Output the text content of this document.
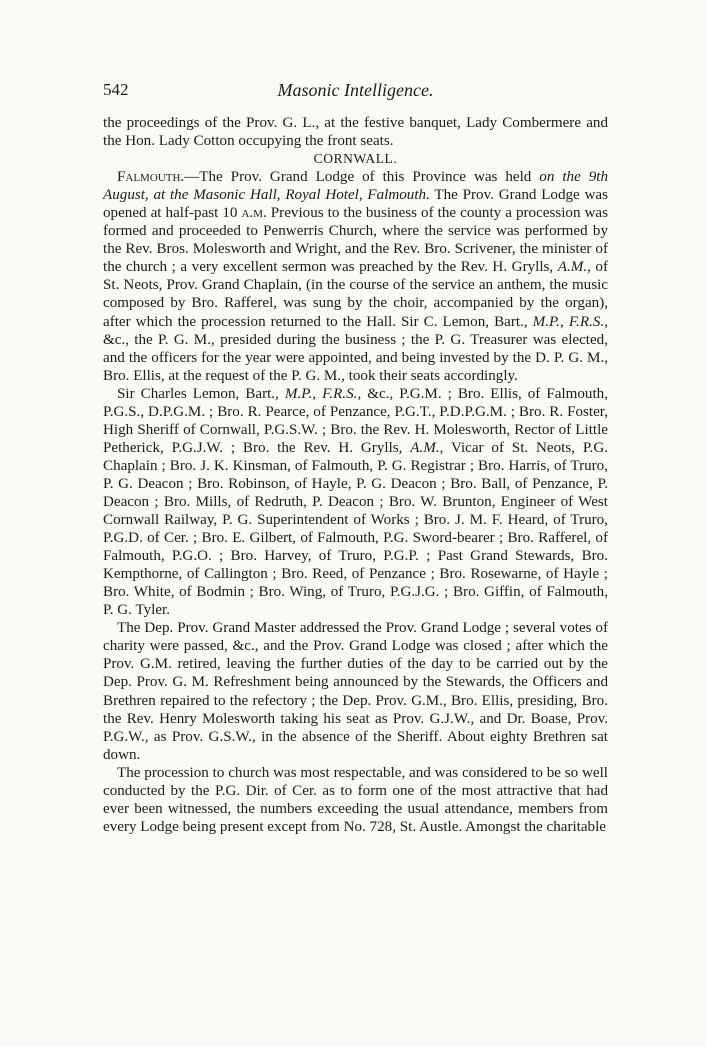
542	Masonic Intelligence.

the proceedings of the Prov. G. L., at the festive banquet, Lady Combermere and the Hon. Lady Cotton occupying the front seats.

CORNWALL.

Falmouth.—The Prov. Grand Lodge of this Province was held on the 9th August, at the Masonic Hall, Royal Hotel, Falmouth. The Prov. Grand Lodge was opened at half-past 10 a.m. Previous to the business of the county a procession was formed and proceeded to Penwerris Church, where the service was performed by the Rev. Bros. Molesworth and Wright, and the Rev. Bro. Scrivener, the minister of the church ; a very excellent sermon was preached by the Rev. H. Grylls, A.M., of St. Neots, Prov. Grand Chaplain, (in the course of the service an anthem, the music composed by Bro. Rafferel, was sung by the choir, accompanied by the organ), after which the procession returned to the Hall. Sir C. Lemon, Bart., M.P., F.R.S., &c., the P. G. M., presided during the business ; the P. G. Treasurer was elected, and the officers for the year were appointed, and being invested by the D. P. G. M., Bro. Ellis, at the request of the P. G. M., took their seats accordingly.

Sir Charles Lemon, Bart., M.P., F.R.S., &c., P.G.M. ; Bro. Ellis, of Falmouth, P.G.S., D.P.G.M. ; Bro. R. Pearce, of Penzance, P.G.T., P.D.P.G.M. ; Bro. R. Foster, High Sheriff of Cornwall, P.G.S.W. ; Bro. the Rev. H. Molesworth, Rector of Little Petherick, P.G.J.W. ; Bro. the Rev. H. Grylls, A.M., Vicar of St. Neots, P.G. Chaplain ; Bro. J. K. Kinsman, of Falmouth, P. G. Registrar ; Bro. Harris, of Truro, P. G. Deacon ; Bro. Robinson, of Hayle, P. G. Deacon ; Bro. Ball, of Penzance, P. Deacon ; Bro. Mills, of Redruth, P. Deacon ; Bro. W. Brunton, Engineer of West Cornwall Railway, P. G. Superintendent of Works ; Bro. J. M. F. Heard, of Truro, P.G.D. of Cer. ; Bro. E. Gilbert, of Falmouth, P.G. Sword-bearer ; Bro. Rafferel, of Falmouth, P.G.O. ; Bro. Harvey, of Truro, P.G.P. ; Past Grand Stewards, Bro. Kempthorne, of Callington ; Bro. Reed, of Penzance ; Bro. Rosewarne, of Hayle ; Bro. White, of Bodmin ; Bro. Wing, of Truro, P.G.J.G. ; Bro. Giffin, of Falmouth, P. G. Tyler.

The Dep. Prov. Grand Master addressed the Prov. Grand Lodge ; several votes of charity were passed, &c., and the Prov. Grand Lodge was closed ; after which the Prov. G.M. retired, leaving the further duties of the day to be carried out by the Dep. Prov. G. M. Refreshment being announced by the Stewards, the Officers and Brethren repaired to the refectory ; the Dep. Prov. G.M., Bro. Ellis, presiding, Bro. the Rev. Henry Molesworth taking his seat as Prov. G.J.W., and Dr. Boase, Prov. P.G.W., as Prov. G.S.W., in the absence of the Sheriff. About eighty Brethren sat down.

The procession to church was most respectable, and was considered to be so well conducted by the P.G. Dir. of Cer. as to form one of the most attractive that had ever been witnessed, the numbers exceeding the usual attendance, members from every Lodge being present except from No. 728, St. Austle. Amongst the charitable
